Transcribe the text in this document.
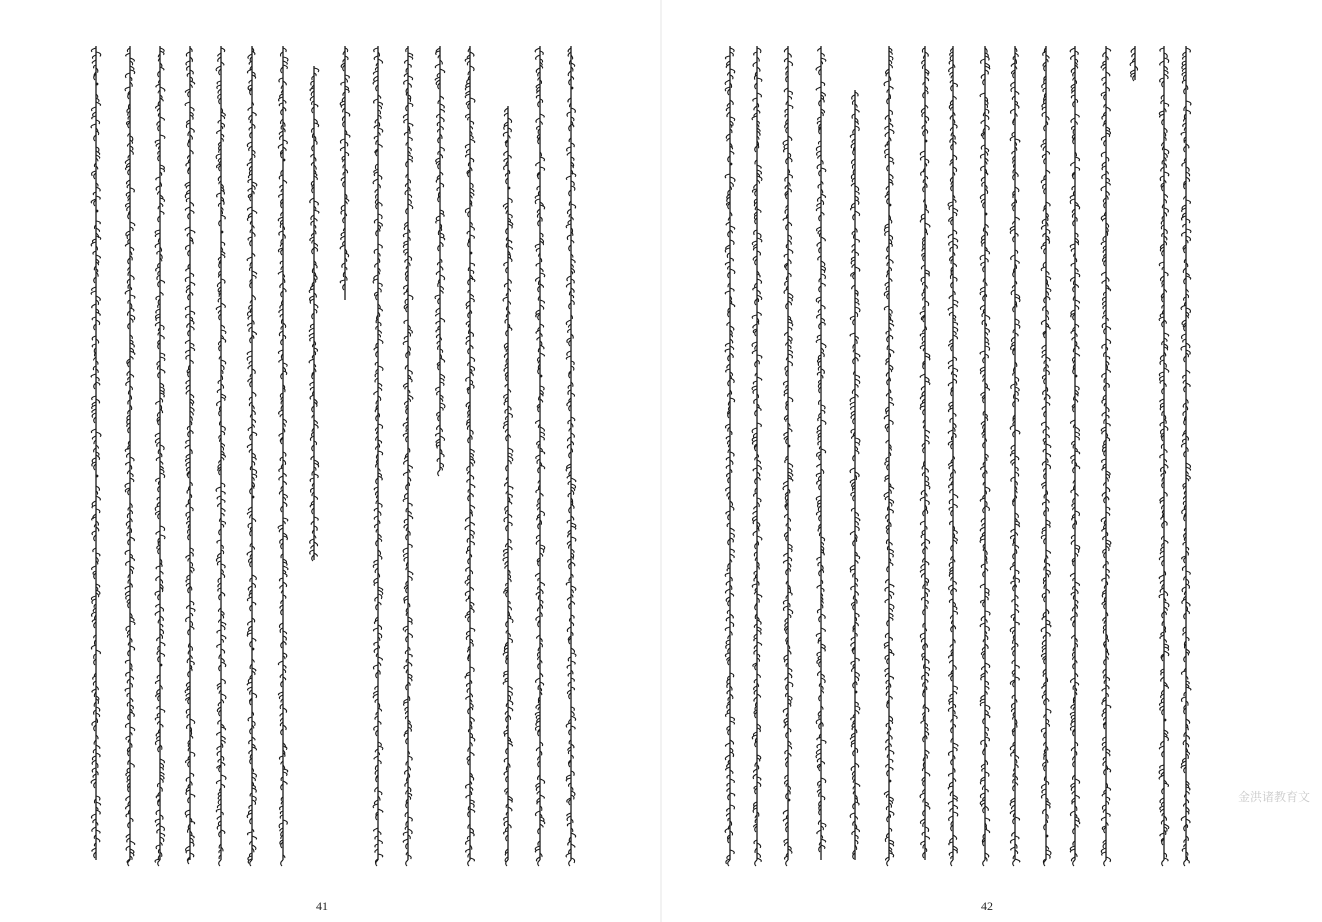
41	42
金洪诸教育文
